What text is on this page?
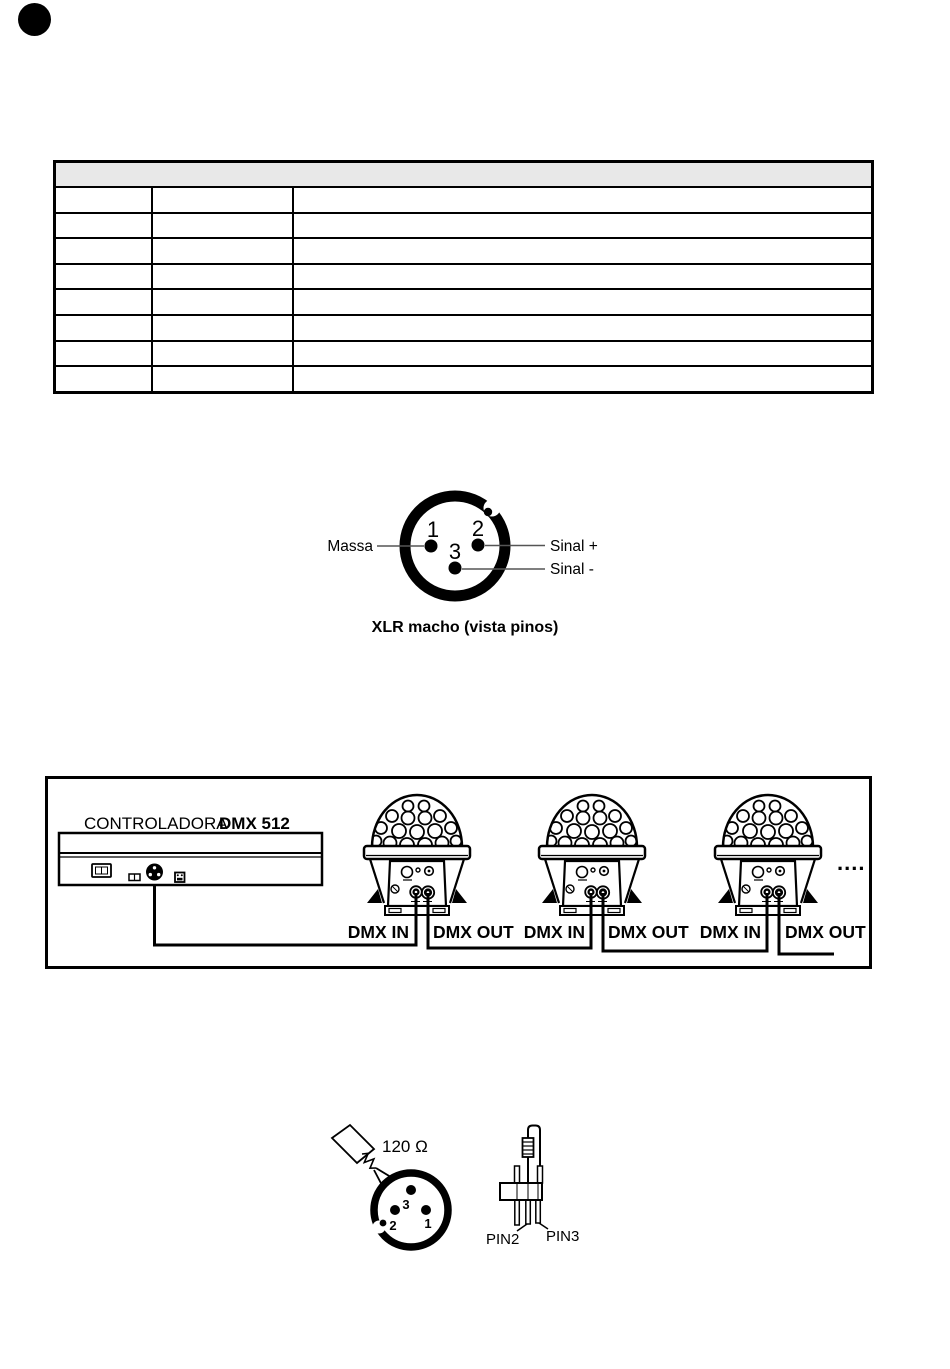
1 2
3
Massa	Sinal +
Sinal -
XLR macho (vista pinos)
CONTROLADORA
DMX 512
DMX IN DMX OUT DMX IN DMX OUT DMX IN DMX OUT
....
120 Ω
3
2 1
PIN2 PIN3
